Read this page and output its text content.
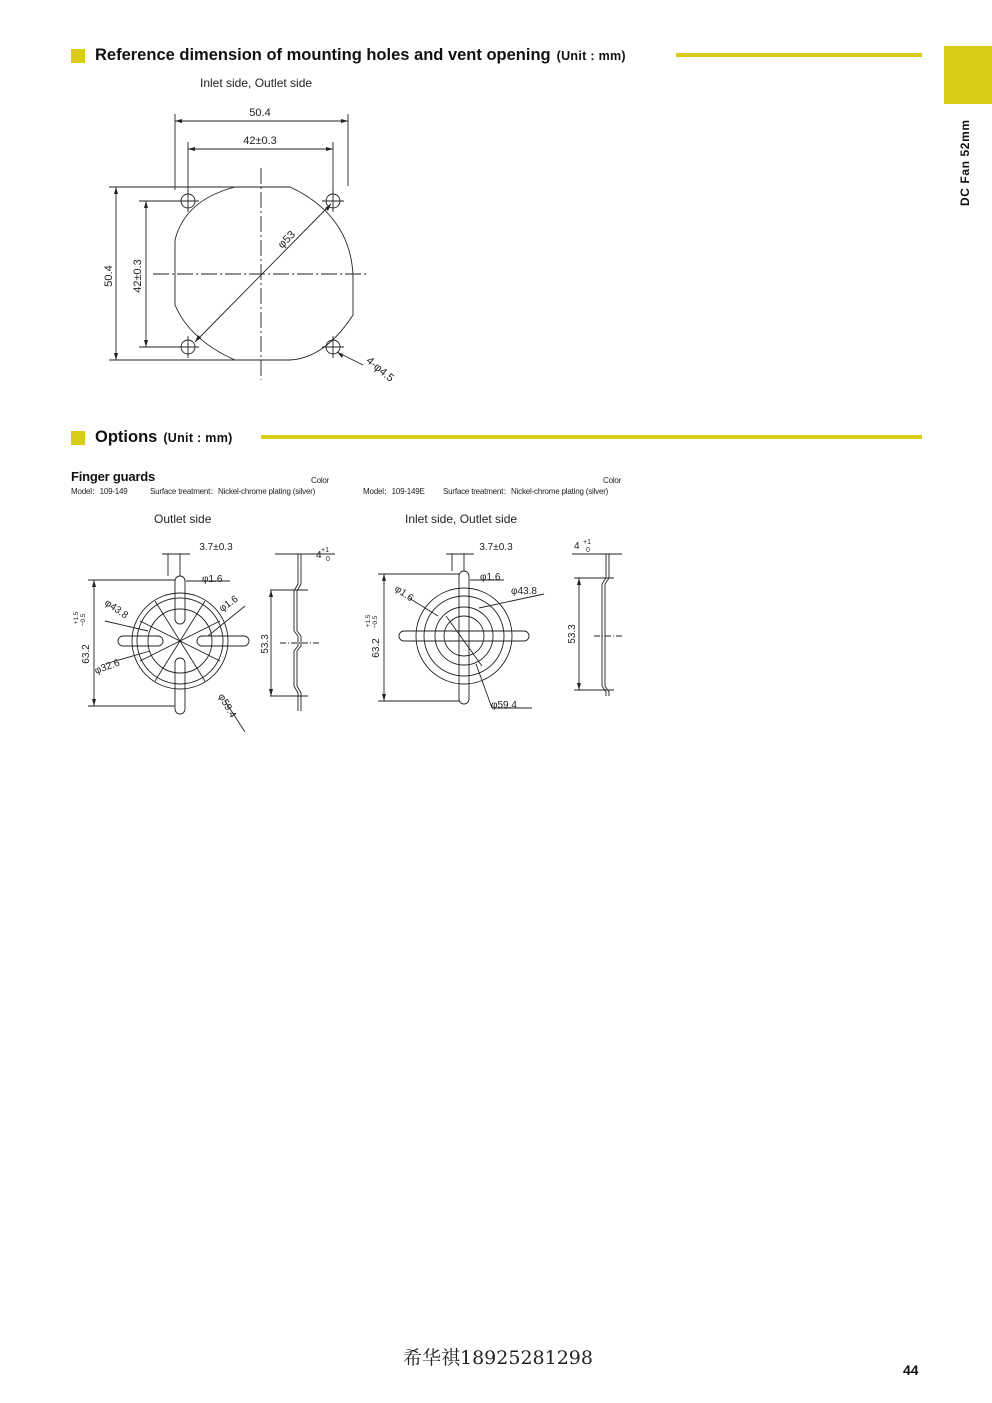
DC Fan 52mm
Reference dimension of mounting holes and vent opening (Unit : mm)
Inlet side, Outlet side
50.4
42±0.3
50.4 42±0.3
φ53
4-φ4.5
Options (Unit : mm)
Finger guards	Color
Model：109-149	Surface treatment：Nickel-chrome plating (silver)
Color
Model：109-149E Surface treatment：Nickel-chrome plating (silver)
Outlet side	Inlet side, Outlet side
3.7±0.3
4 +1
0
φ1.6
φ1.6
φ43.8
φ32.6
φ59.4
63.2
+1.5 −0.5
53.3
3.7±0.3	4 +1
0
φ1.6
φ1.6	φ43.8
φ59.4
63.2
+1.5 −0.5
53.3
希华祺18925281298
44
